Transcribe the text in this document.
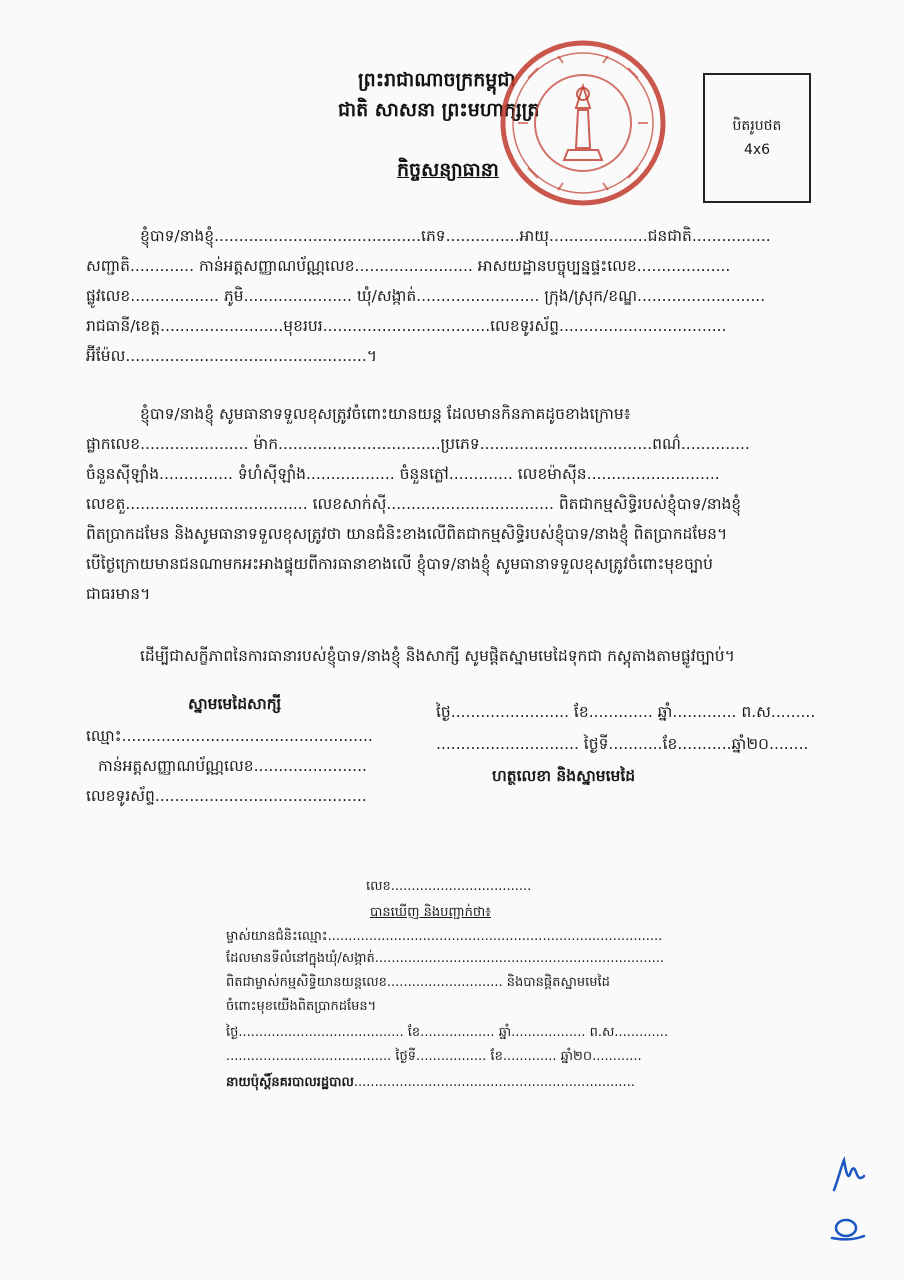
ព្រះរាជាណាចក្រកម្ពុជា
ជាតិ សាសនា ព្រះមហាក្សត្រ
កិច្ចសន្យាធានា
បិតរូបថត
4x6
ខ្ញុំបាទ/នាងខ្ញុំ..........................................ភេទ...............អាយុ....................ជនជាតិ................
សញ្ជាតិ............. កាន់អត្តសញ្ញាណប័ណ្ណលេខ........................ អាសយដ្ឋានបច្ចុប្បន្នផ្ទះលេខ...................
ផ្លូវលេខ.................. ភូមិ...................... ឃុំ/សង្កាត់......................... ក្រុង/ស្រុក/ខណ្ឌ..........................
រាជធានី/ខេត្ត.........................មុខរបរ..................................លេខទូរស័ព្ទ..................................
អ៊ីម៉ែល.................................................។
ខ្ញុំបាទ/នាងខ្ញុំ សូមធានាទទួលខុសត្រូវចំពោះយានយន្ត ដែលមានកិនភាគដូចខាងក្រោម៖
ផ្លាកលេខ...................... ម៉ាក.................................ប្រភេទ...................................ពណ៌..............
ចំនួនស៊ីឡាំង............... ទំហំស៊ីឡាំង.................. ចំនួនភ្លៅ............. លេខម៉ាស៊ីន...........................
លេខតួ..................................... លេខសាក់ស៊ី.................................. ពិតជាកម្មសិទ្ធិរបស់ខ្ញុំបាទ/នាងខ្ញុំ
ពិតប្រាកដមែន និងសូមធានាទទួលខុសត្រូវថា យានជំនិះខាងលើពិតជាកម្មសិទ្ធិរបស់ខ្ញុំបាទ/នាងខ្ញុំ ពិតប្រាកដមែន។
បើថ្ងៃក្រោយមានជនណាមកអះអាងផ្ទុយពីការធានាខាងលើ ខ្ញុំបាទ/នាងខ្ញុំ សូមធានាទទួលខុសត្រូវចំពោះមុខច្បាប់
ជាធរមាន។
ដើម្បីជាសក្ខីភាពនៃការធានារបស់ខ្ញុំបាទ/នាងខ្ញុំ និងសាក្សី សូមផ្តិតស្នាមមេដៃទុកជា កស្តុតាងតាមផ្លូវច្បាប់។
ស្នាមមេដៃសាក្សី
ឈ្មោះ...................................................
កាន់អត្តសញ្ញាណប័ណ្ណលេខ.......................
លេខទូរស័ព្ទ...........................................
ថ្ងៃ........................ ខែ............. ឆ្នាំ............. ព.ស.........
............................. ថ្ងៃទី...........ខែ...........ឆ្នាំ២០........
ហត្ថលេខា និងស្នាមមេដៃ
លេខ..................................
បានឃើញ និងបញ្ជាក់ថា៖
ម្ចាស់យានជំនិះឈ្មោះ.................................................................................
ដែលមានទីលំនៅក្នុងឃុំ/សង្កាត់......................................................................
ពិតជាម្ចាស់កម្មសិទ្ធិយានយន្តលេខ............................ និងបានផ្តិតស្នាមមេដៃ
ចំពោះមុខយើងពិតប្រាកដមែន។
ថ្ងៃ........................................ ខែ.................. ឆ្នាំ.................. ព.ស.............
........................................ ថ្ងៃទី................. ខែ............. ឆ្នាំ២០............
នាយប៉ុស្តិ៍នគរបាលរដ្ឋបាល....................................................................
